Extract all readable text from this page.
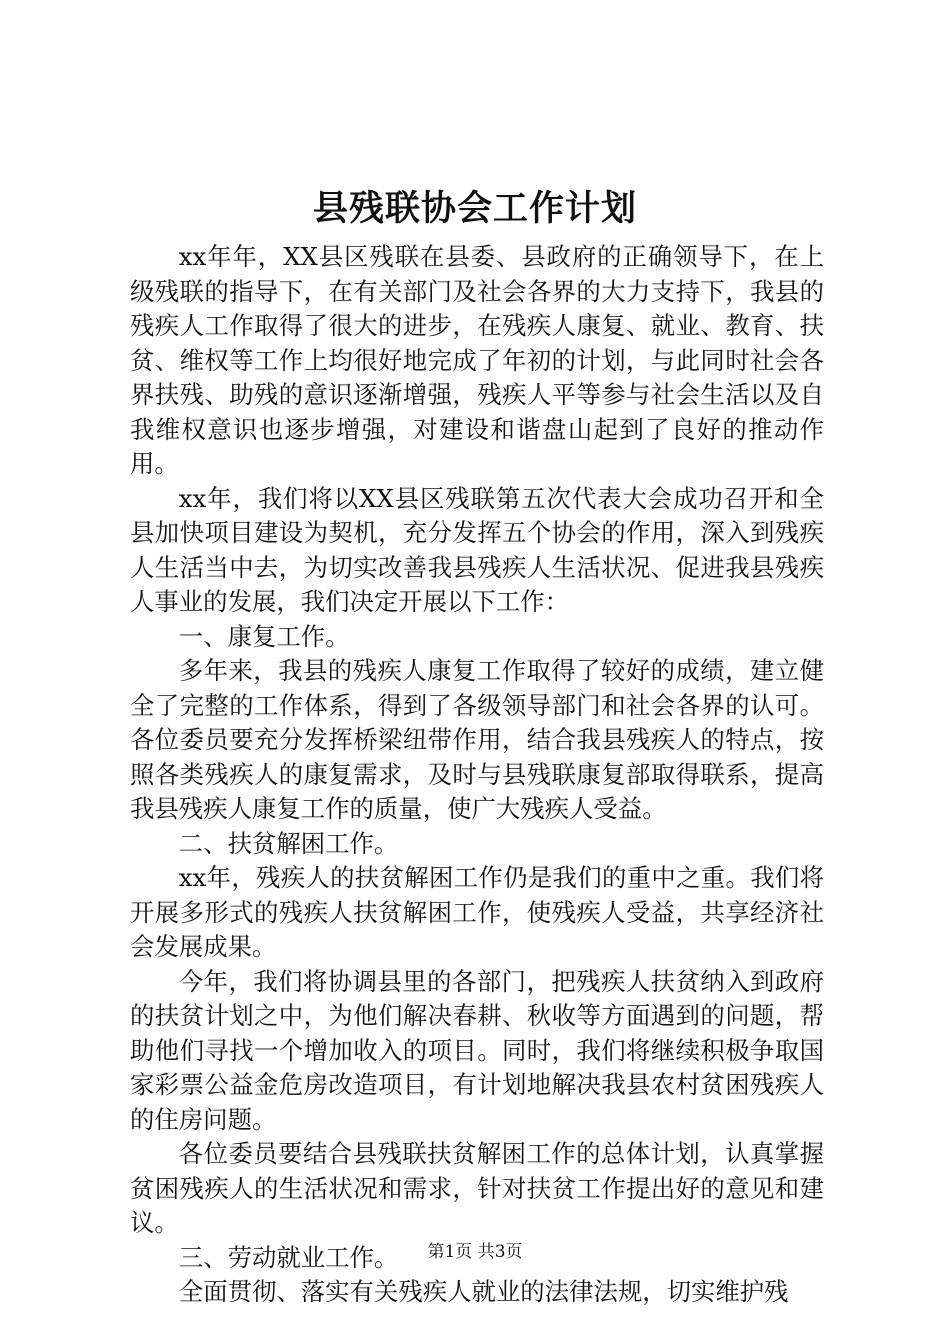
县残联协会工作计划

xx年年，XX县区残联在县委、县政府的正确领导下，在上级残联的指导下，在有关部门及社会各界的大力支持下，我县的残疾人工作取得了很大的进步，在残疾人康复、就业、教育、扶贫、维权等工作上均很好地完成了年初的计划，与此同时社会各界扶残、助残的意识逐渐增强，残疾人平等参与社会生活以及自我维权意识也逐步增强，对建设和谐盘山起到了良好的推动作用。

xx年，我们将以XX县区残联第五次代表大会成功召开和全县加快项目建设为契机，充分发挥五个协会的作用，深入到残疾人生活当中去，为切实改善我县残疾人生活状况、促进我县残疾人事业的发展，我们决定开展以下工作：

一、康复工作。

多年来，我县的残疾人康复工作取得了较好的成绩，建立健全了完整的工作体系，得到了各级领导部门和社会各界的认可。各位委员要充分发挥桥梁纽带作用，结合我县残疾人的特点，按照各类残疾人的康复需求，及时与县残联康复部取得联系，提高我县残疾人康复工作的质量，使广大残疾人受益。

二、扶贫解困工作。

xx年，残疾人的扶贫解困工作仍是我们的重中之重。我们将开展多形式的残疾人扶贫解困工作，使残疾人受益，共享经济社会发展成果。

今年，我们将协调县里的各部门，把残疾人扶贫纳入到政府的扶贫计划之中，为他们解决春耕、秋收等方面遇到的问题，帮助他们寻找一个增加收入的项目。同时，我们将继续积极争取国家彩票公益金危房改造项目，有计划地解决我县农村贫困残疾人的住房问题。

各位委员要结合县残联扶贫解困工作的总体计划，认真掌握贫困残疾人的生活状况和需求，针对扶贫工作提出好的意见和建议。

三、劳动就业工作。

全面贯彻、落实有关残疾人就业的法律法规，切实维护残

第1页 共3页
